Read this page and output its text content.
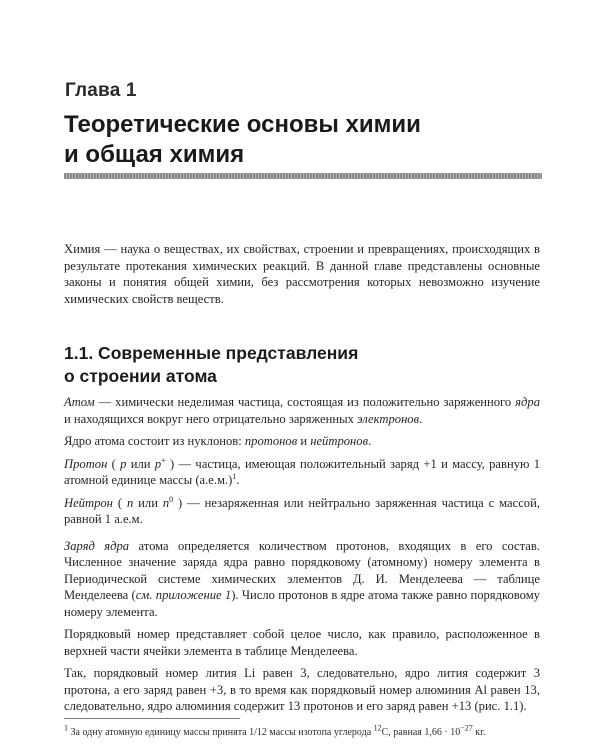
Глава 1
Теоретические основы химии
и общая химия

Химия — наука о веществах, их свойствах, строении и превращениях, происходящих в результате протекания химических реакций. В данной главе представлены основные законы и понятия общей химии, без рассмотрения которых невозможно изучение химических свойств веществ.

1.1. Современные представления
о строении атома

Атом — химически неделимая частица, состоящая из положительно заряженного ядра и находящихся вокруг него отрицательно заряженных электронов.

Ядро атома состоит из нуклонов: протонов и нейтронов.

Протон ( p или p+ ) — частица, имеющая положительный заряд +1 и массу, равную 1 атомной единице массы $(а.е.м.)^1$.

Нейтрон ( n или $n^0$ ) — незаряженная или нейтрально заряженная частица с массой, равной 1 а.е.м.

Заряд ядра атома определяется количеством протонов, входящих в его состав. Численное значение заряда ядра равно порядковому (атомному) номеру элемента в Периодической системе химических элементов Д. И. Менделеева — таблице Менделеева (см. приложение 1). Число протонов в ядре атома также равно порядковому номеру элемента.

Порядковый номер представляет собой целое число, как правило, расположенное в верхней части ячейки элемента в таблице Менделеева.

Так, порядковый номер лития Li равен 3, следовательно, ядро лития содержит 3 протона, а его заряд равен +3, в то время как порядковый номер алюминия Al равен 13, следовательно, ядро алюминия содержит 13 протонов и его заряд равен +13 (рис. 1.1).

$^1$ За одну атомную единицу массы принята 1/12 массы изотопа углерода $^{12}$C, равная $1,66 \cdot 10^{-27}$ кг.
